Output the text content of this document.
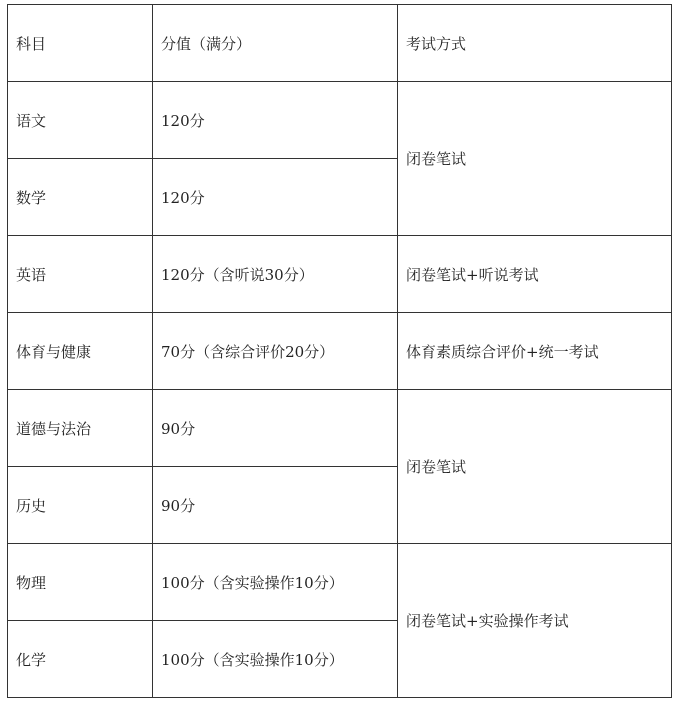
科目	分值（满分）	考试方式
语文	120分	闭卷笔试
数学	120分	
英语	120分（含听说30分）	闭卷笔试+听说考试
体育与健康	70分（含综合评价20分）	体育素质综合评价+统一考试
道德与法治	90分	闭卷笔试
历史	90分	
物理	100分（含实验操作10分）	闭卷笔试+实验操作考试
化学	100分（含实验操作10分）	
